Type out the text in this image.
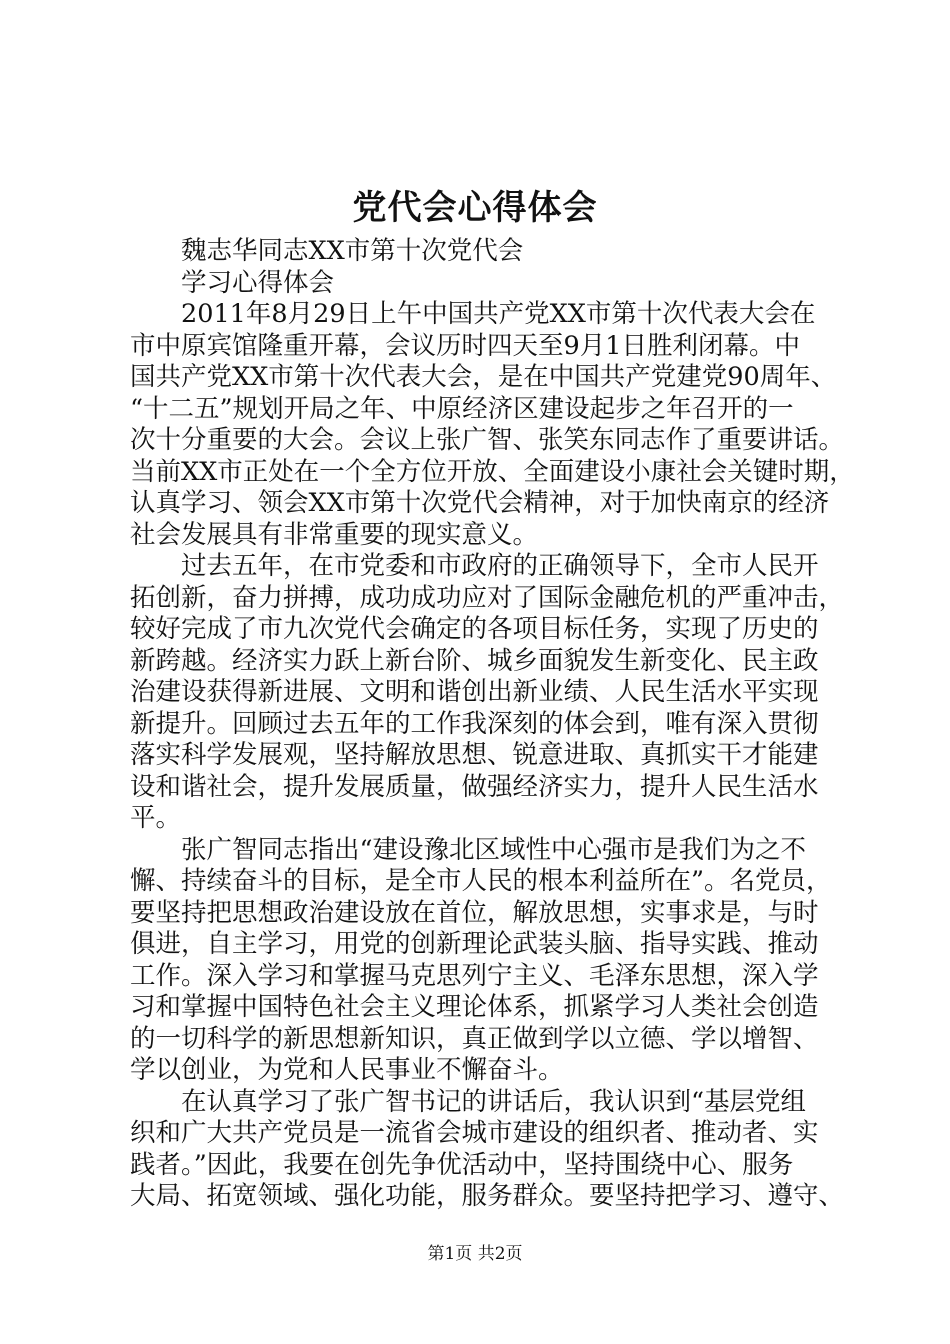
党代会心得体会
魏志华同志XX市第十次党代会
学习心得体会
2011年8月29日上午中国共产党XX市第十次代表大会在
市中原宾馆隆重开幕，会议历时四天至9月1日胜利闭幕。中
国共产党XX市第十次代表大会，是在中国共产党建党90周年、
“十二五”规划开局之年、中原经济区建设起步之年召开的一
次十分重要的大会。会议上张广智、张笑东同志作了重要讲话。
当前XX市正处在一个全方位开放、全面建设小康社会关键时期，
认真学习、领会XX市第十次党代会精神，对于加快南京的经济
社会发展具有非常重要的现实意义。
过去五年，在市党委和市政府的正确领导下，全市人民开
拓创新，奋力拼搏，成功成功应对了国际金融危机的严重冲击，
较好完成了市九次党代会确定的各项目标任务，实现了历史的
新跨越。经济实力跃上新台阶、城乡面貌发生新变化、民主政
治建设获得新进展、文明和谐创出新业绩、人民生活水平实现
新提升。回顾过去五年的工作我深刻的体会到，唯有深入贯彻
落实科学发展观，坚持解放思想、锐意进取、真抓实干才能建
设和谐社会，提升发展质量，做强经济实力，提升人民生活水
平。
张广智同志指出“建设豫北区域性中心强市是我们为之不
懈、持续奋斗的目标，是全市人民的根本利益所在”。名党员，
要坚持把思想政治建设放在首位，解放思想，实事求是，与时
俱进，自主学习，用党的创新理论武装头脑、指导实践、推动
工作。深入学习和掌握马克思列宁主义、毛泽东思想，深入学
习和掌握中国特色社会主义理论体系，抓紧学习人类社会创造
的一切科学的新思想新知识，真正做到学以立德、学以增智、
学以创业，为党和人民事业不懈奋斗。
在认真学习了张广智书记的讲话后，我认识到“基层党组
织和广大共产党员是一流省会城市建设的组织者、推动者、实
践者。”因此，我要在创先争优活动中，坚持围绕中心、服务
大局、拓宽领域、强化功能，服务群众。要坚持把学习、遵守、
第1页 共2页
